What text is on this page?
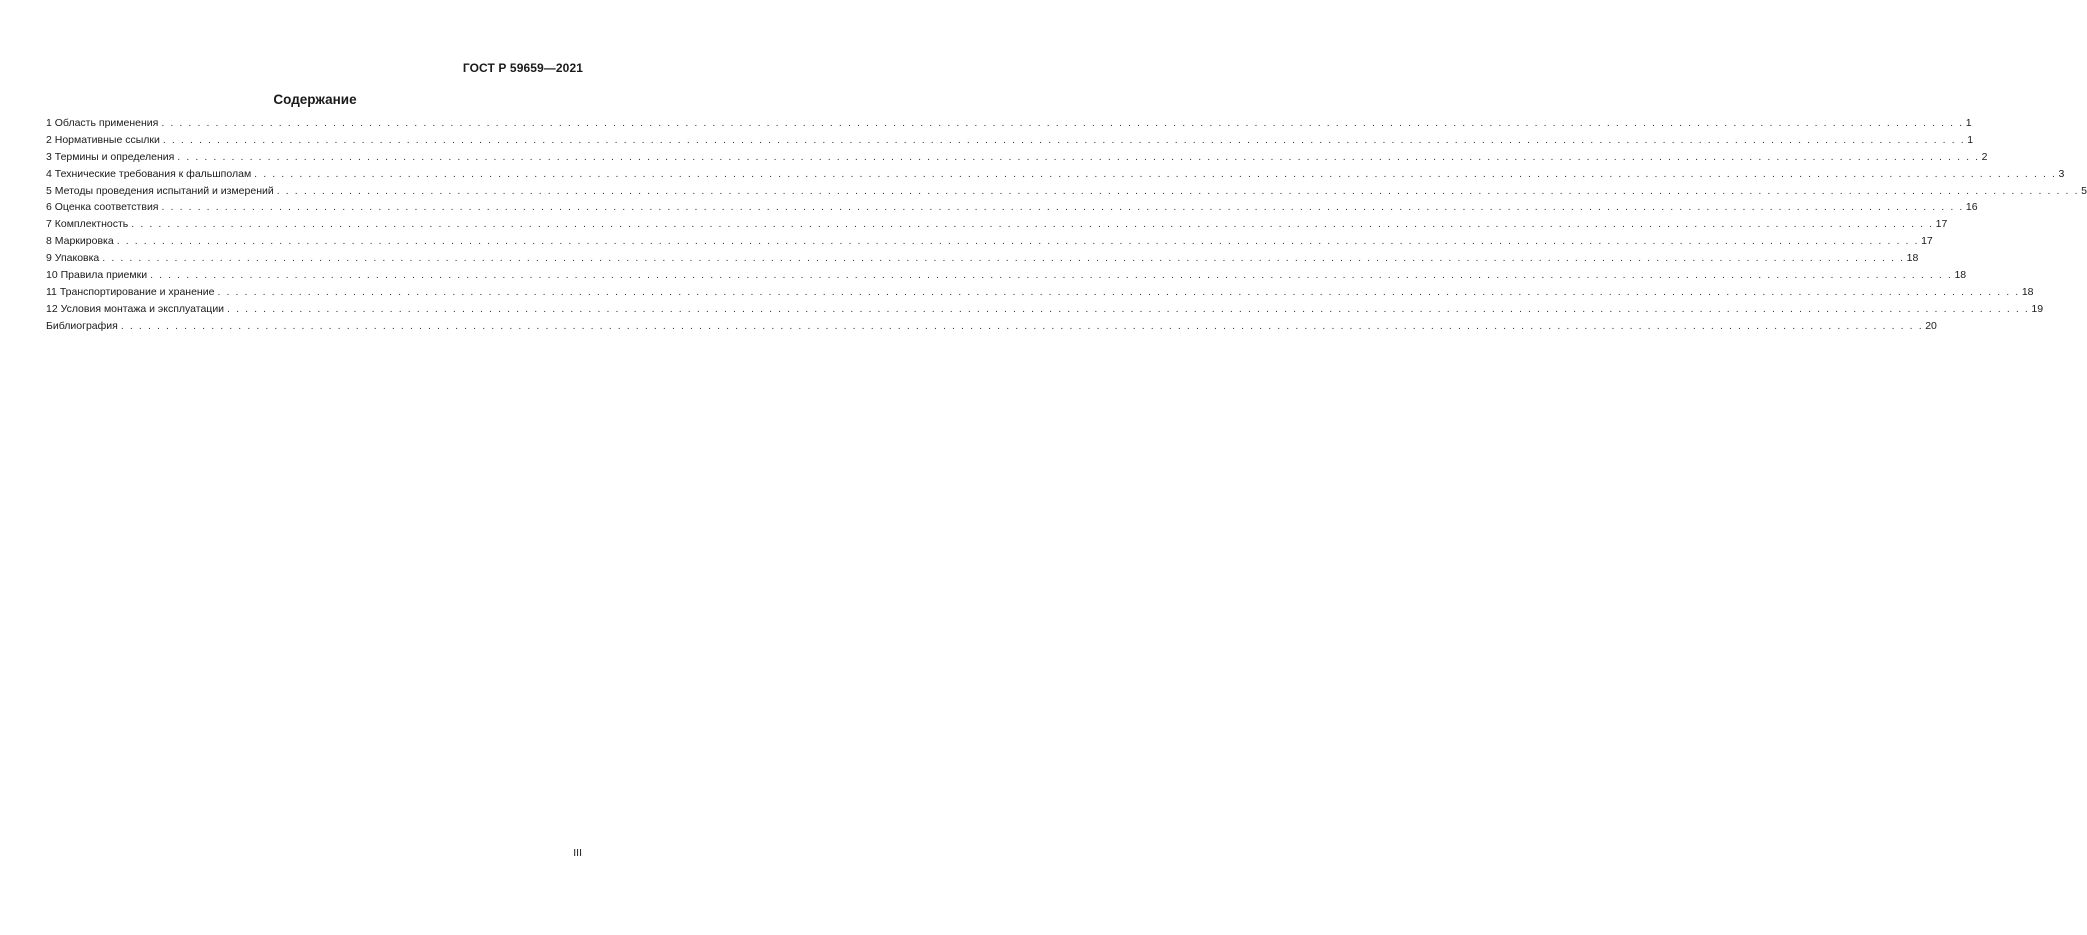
ГОСТ Р 59659—2021
Содержание
1 Область применения . . . . . . . . . . . . . . . . . . . . . . . . . . . . . . . . . . . . . . . . . . . . . . . . . . . . . . . . . . . . . . . . . . . . . . . . . . . . . . . . . . . . . . . . . . . . . . . . . . . . . . . . . . . . . . . . . . . . . . . . . . . . . . . . . . . . . . . . . . . . . . . . . . . . . . . . . . . . . . . . . . . . . . . . . . . . . . . . . . . . . . . . . . . . . . . . . . . . . . . . 1
2 Нормативные ссылки . . . . . . . . . . . . . . . . . . . . . . . . . . . . . . . . . . . . . . . . . . . . . . . . . . . . . . . . . . . . . . . . . . . . . . . . . . . . . . . . . . . . . . . . . . . . . . . . . . . . . . . . . . . . . . . . . . . . . . . . . . . . . . . . . . . . . . . . . . . . . . . . . . . . . . . . . . . . . . . . . . . . . . . . . . . . . . . . . . . . . . . . . . . . . . . . . . . . . . . . 1
3 Термины и определения . . . . . . . . . . . . . . . . . . . . . . . . . . . . . . . . . . . . . . . . . . . . . . . . . . . . . . . . . . . . . . . . . . . . . . . . . . . . . . . . . . . . . . . . . . . . . . . . . . . . . . . . . . . . . . . . . . . . . . . . . . . . . . . . . . . . . . . . . . . . . . . . . . . . . . . . . . . . . . . . . . . . . . . . . . . . . . . . . . . . . . . . . . . . . . . . . . . . . . . . 2
4 Технические требования к фальшполам . . . . . . . . . . . . . . . . . . . . . . . . . . . . . . . . . . . . . . . . . . . . . . . . . . . . . . . . . . . . . . . . . . . . . . . . . . . . . . . . . . . . . . . . . . . . . . . . . . . . . . . . . . . . . . . . . . . . . . . . . . . . . . . . . . . . . . . . . . . . . . . . . . . . . . . . . . . . . . . . . . . . . . . . . . . . . . . . . . . . . . . . . . . . . . . . . . . . . . . . 3
5 Методы проведения испытаний и измерений . . . . . . . . . . . . . . . . . . . . . . . . . . . . . . . . . . . . . . . . . . . . . . . . . . . . . . . . . . . . . . . . . . . . . . . . . . . . . . . . . . . . . . . . . . . . . . . . . . . . . . . . . . . . . . . . . . . . . . . . . . . . . . . . . . . . . . . . . . . . . . . . . . . . . . . . . . . . . . . . . . . . . . . . . . . . . . . . . . . . . . . . . . . . . . . . . . . . . . . . 5
6 Оценка соответствия . . . . . . . . . . . . . . . . . . . . . . . . . . . . . . . . . . . . . . . . . . . . . . . . . . . . . . . . . . . . . . . . . . . . . . . . . . . . . . . . . . . . . . . . . . . . . . . . . . . . . . . . . . . . . . . . . . . . . . . . . . . . . . . . . . . . . . . . . . . . . . . . . . . . . . . . . . . . . . . . . . . . . . . . . . . . . . . . . . . . . . . . . . . . . . . . . . . . . . . . 16
7 Комплектность . . . . . . . . . . . . . . . . . . . . . . . . . . . . . . . . . . . . . . . . . . . . . . . . . . . . . . . . . . . . . . . . . . . . . . . . . . . . . . . . . . . . . . . . . . . . . . . . . . . . . . . . . . . . . . . . . . . . . . . . . . . . . . . . . . . . . . . . . . . . . . . . . . . . . . . . . . . . . . . . . . . . . . . . . . . . . . . . . . . . . . . . . . . . . . . . . . . . . . . . 17
8 Маркировка . . . . . . . . . . . . . . . . . . . . . . . . . . . . . . . . . . . . . . . . . . . . . . . . . . . . . . . . . . . . . . . . . . . . . . . . . . . . . . . . . . . . . . . . . . . . . . . . . . . . . . . . . . . . . . . . . . . . . . . . . . . . . . . . . . . . . . . . . . . . . . . . . . . . . . . . . . . . . . . . . . . . . . . . . . . . . . . . . . . . . . . . . . . . . . . . . . . . . . . . 17
9 Упаковка . . . . . . . . . . . . . . . . . . . . . . . . . . . . . . . . . . . . . . . . . . . . . . . . . . . . . . . . . . . . . . . . . . . . . . . . . . . . . . . . . . . . . . . . . . . . . . . . . . . . . . . . . . . . . . . . . . . . . . . . . . . . . . . . . . . . . . . . . . . . . . . . . . . . . . . . . . . . . . . . . . . . . . . . . . . . . . . . . . . . . . . . . . . . . . . . . . . . . . . . 18
10 Правила приемки . . . . . . . . . . . . . . . . . . . . . . . . . . . . . . . . . . . . . . . . . . . . . . . . . . . . . . . . . . . . . . . . . . . . . . . . . . . . . . . . . . . . . . . . . . . . . . . . . . . . . . . . . . . . . . . . . . . . . . . . . . . . . . . . . . . . . . . . . . . . . . . . . . . . . . . . . . . . . . . . . . . . . . . . . . . . . . . . . . . . . . . . . . . . . . . . . . . . . . . . 18
11 Транспортирование и хранение . . . . . . . . . . . . . . . . . . . . . . . . . . . . . . . . . . . . . . . . . . . . . . . . . . . . . . . . . . . . . . . . . . . . . . . . . . . . . . . . . . . . . . . . . . . . . . . . . . . . . . . . . . . . . . . . . . . . . . . . . . . . . . . . . . . . . . . . . . . . . . . . . . . . . . . . . . . . . . . . . . . . . . . . . . . . . . . . . . . . . . . . . . . . . . . . . . . . . . . . 18
12 Условия монтажа и эксплуатации . . . . . . . . . . . . . . . . . . . . . . . . . . . . . . . . . . . . . . . . . . . . . . . . . . . . . . . . . . . . . . . . . . . . . . . . . . . . . . . . . . . . . . . . . . . . . . . . . . . . . . . . . . . . . . . . . . . . . . . . . . . . . . . . . . . . . . . . . . . . . . . . . . . . . . . . . . . . . . . . . . . . . . . . . . . . . . . . . . . . . . . . . . . . . . . . . . . . . . . . 19
Библиография . . . . . . . . . . . . . . . . . . . . . . . . . . . . . . . . . . . . . . . . . . . . . . . . . . . . . . . . . . . . . . . . . . . . . . . . . . . . . . . . . . . . . . . . . . . . . . . . . . . . . . . . . . . . . . . . . . . . . . . . . . . . . . . . . . . . . . . . . . . . . . . . . . . . . . . . . . . . . . . . . . . . . . . . . . . . . . . . . . . . . . . . . . . . . . . . . . . . . . . . 20
III
